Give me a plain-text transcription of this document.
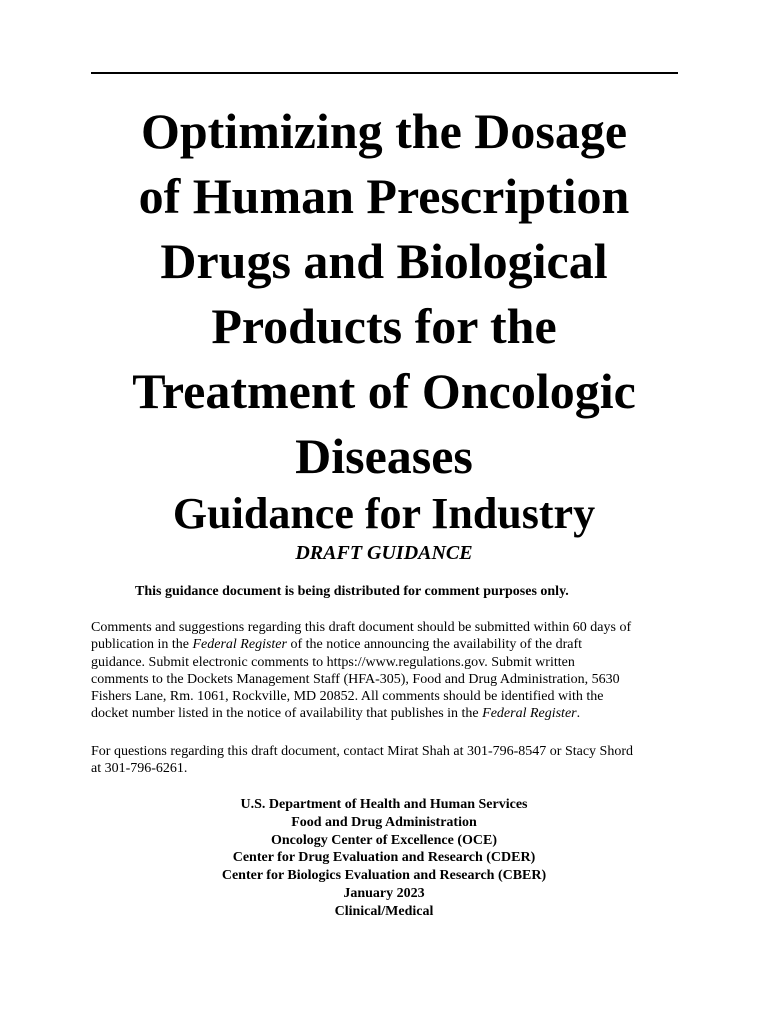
Optimizing the Dosage
of Human Prescription
Drugs and Biological
Products for the
Treatment of Oncologic
Diseases
Guidance for Industry
DRAFT GUIDANCE
This guidance document is being distributed for comment purposes only.
Comments and suggestions regarding this draft document should be submitted within 60 days of
publication in the Federal Register of the notice announcing the availability of the draft
guidance. Submit electronic comments to https://www.regulations.gov. Submit written
comments to the Dockets Management Staff (HFA-305), Food and Drug Administration, 5630
Fishers Lane, Rm. 1061, Rockville, MD 20852. All comments should be identified with the
docket number listed in the notice of availability that publishes in the Federal Register.
For questions regarding this draft document, contact Mirat Shah at 301-796-8547 or Stacy Shord
at 301-796-6261.
U.S. Department of Health and Human Services
Food and Drug Administration
Oncology Center of Excellence (OCE)
Center for Drug Evaluation and Research (CDER)
Center for Biologics Evaluation and Research (CBER)
January 2023
Clinical/Medical
